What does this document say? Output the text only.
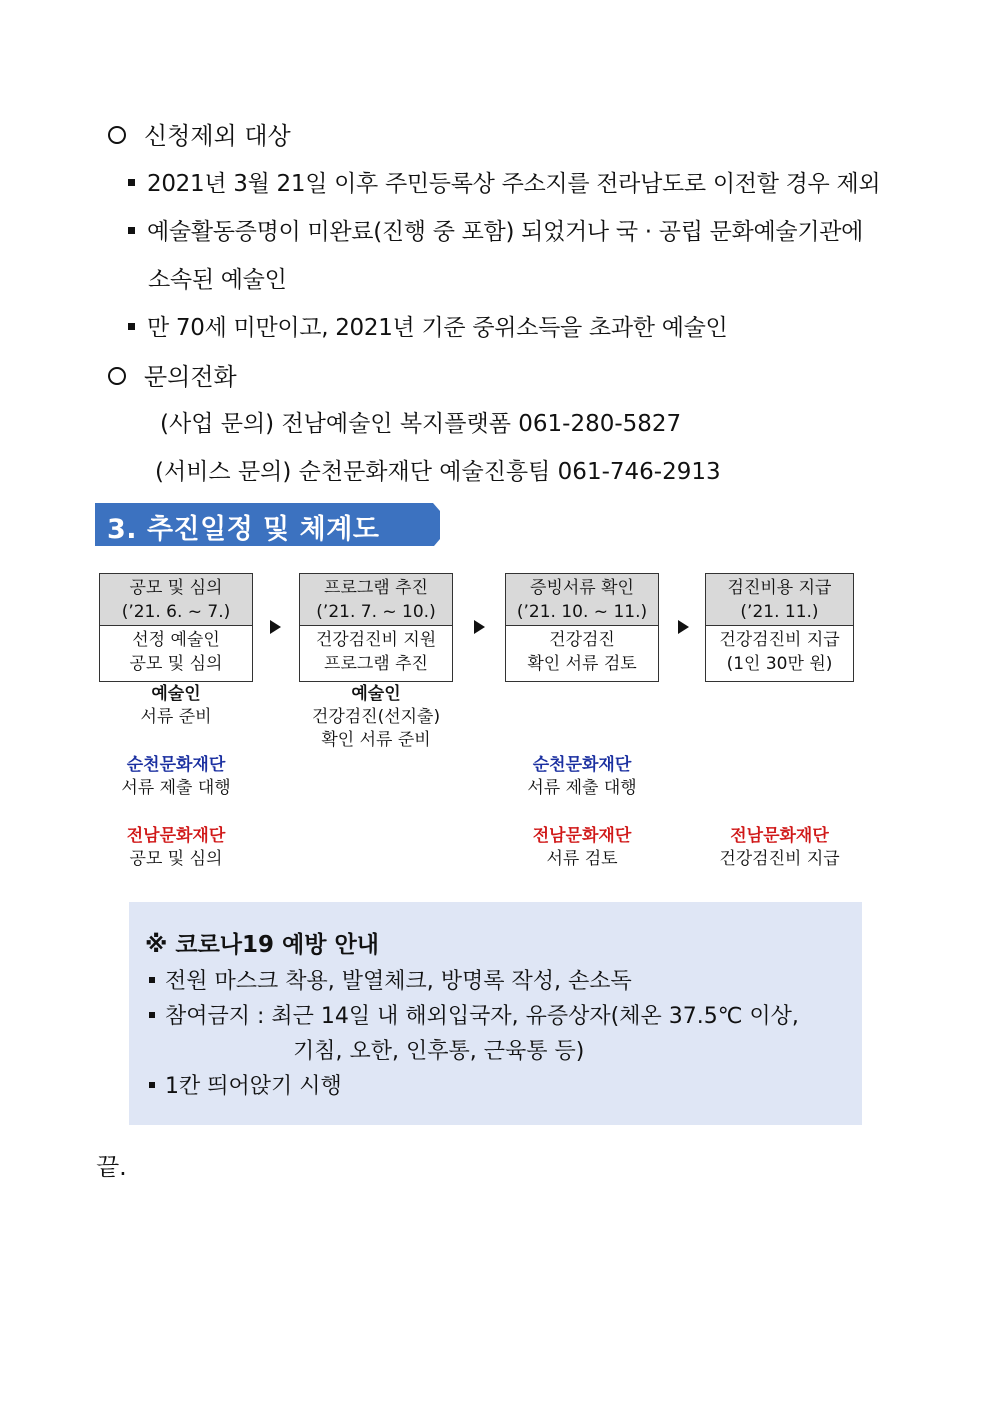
신청제외 대상
2021년 3월 21일 이후 주민등록상 주소지를 전라남도로 이전할 경우 제외
예술활동증명이 미완료(진행 중 포함) 되었거나 국 · 공립 문화예술기관에
소속된 예술인
만 70세 미만이고, 2021년 기준 중위소득을 초과한 예술인
문의전화
(사업 문의) 전남예술인 복지플랫폼 061-280-5827
(서비스 문의) 순천문화재단 예술진흥팀 061-746-2913
3. 추진일정 및 체계도
공모 및 심의
(’21. 6. ~ 7.)
선정 예술인
공모 및 심의
프로그램 추진
(’21. 7. ~ 10.)
건강검진비 지원
프로그램 추진
증빙서류 확인
(’21. 10. ~ 11.)
건강검진
확인 서류 검토
검진비용 지급
(’21. 11.)
건강검진비 지급
(1인 30만 원)
예술인
서류 준비
예술인
건강검진(선지출)
확인 서류 준비
순천문화재단
서류 제출 대행
순천문화재단
서류 제출 대행
전남문화재단
공모 및 심의
전남문화재단
서류 검토
전남문화재단
건강검진비 지급
※ 코로나19 예방 안내
전원 마스크 착용, 발열체크, 방명록 작성, 손소독
참여금지 : 최근 14일 내 해외입국자, 유증상자(체온 37.5℃ 이상,
기침, 오한, 인후통, 근육통 등)
1칸 띄어앉기 시행
끝.
